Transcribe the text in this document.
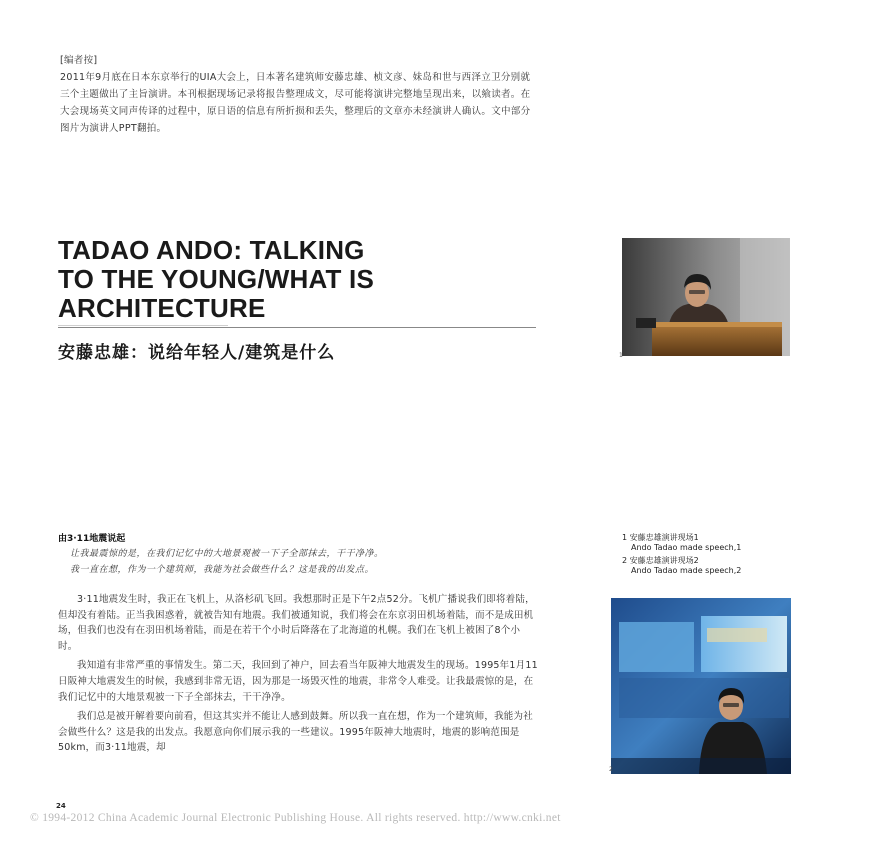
[编者按]
2011年9月底在日本东京举行的UIA大会上，日本著名建筑师安藤忠雄、桢文彦、妹岛和世与西泽立卫分别就三个主题做出了主旨演讲。本刊根据现场记录将报告整理成文，尽可能将演讲完整地呈现出来，以飨读者。在大会现场英文同声传译的过程中，原日语的信息有所折损和丢失，整理后的文章亦未经演讲人确认。文中部分图片为演讲人PPT翻拍。
TADAO ANDO: TALKING
TO THE YOUNG/WHAT IS
ARCHITECTURE
安藤忠雄：说给年轻人/建筑是什么	1
由3·11地震说起
让我最震惊的是，在我们记忆中的大地景观被一下子全部抹去，干干净净。
我一直在想，作为一个建筑师，我能为社会做些什么？这是我的出发点。

3·11地震发生时，我正在飞机上，从洛杉矶飞回。我想那时正是下午2点52分。飞机广播说我们即将着陆，但却没有着陆。正当我困惑着，就被告知有地震。我们被通知说，我们将会在东京羽田机场着陆，而不是成田机场，但我们也没有在羽田机场着陆，而是在若干个小时后降落在了北海道的札幌。我们在飞机上被困了8个小时。

我知道有非常严重的事情发生。第二天，我回到了神户，回去看当年阪神大地震发生的现场。1995年1月11日阪神大地震发生的时候，我感到非常无语，因为那是一场毁灭性的地震，非常令人难受。让我最震惊的是，在我们记忆中的大地景观被一下子全部抹去，干干净净。

我们总是被开解着要向前看，但这其实并不能让人感到鼓舞。所以我一直在想，作为一个建筑师，我能为社会做些什么？这是我的出发点。我愿意向你们展示我的一些建议。1995年阪神大地震时，地震的影响范围是50km，而3·11地震，却

1 安藤忠雄演讲现场1
Ando Tadao made speech,1
2 安藤忠雄演讲现场2
Ando Tadao made speech,2
2
24
© 1994-2012 China Academic Journal Electronic Publishing House. All rights reserved. http://www.cnki.net
